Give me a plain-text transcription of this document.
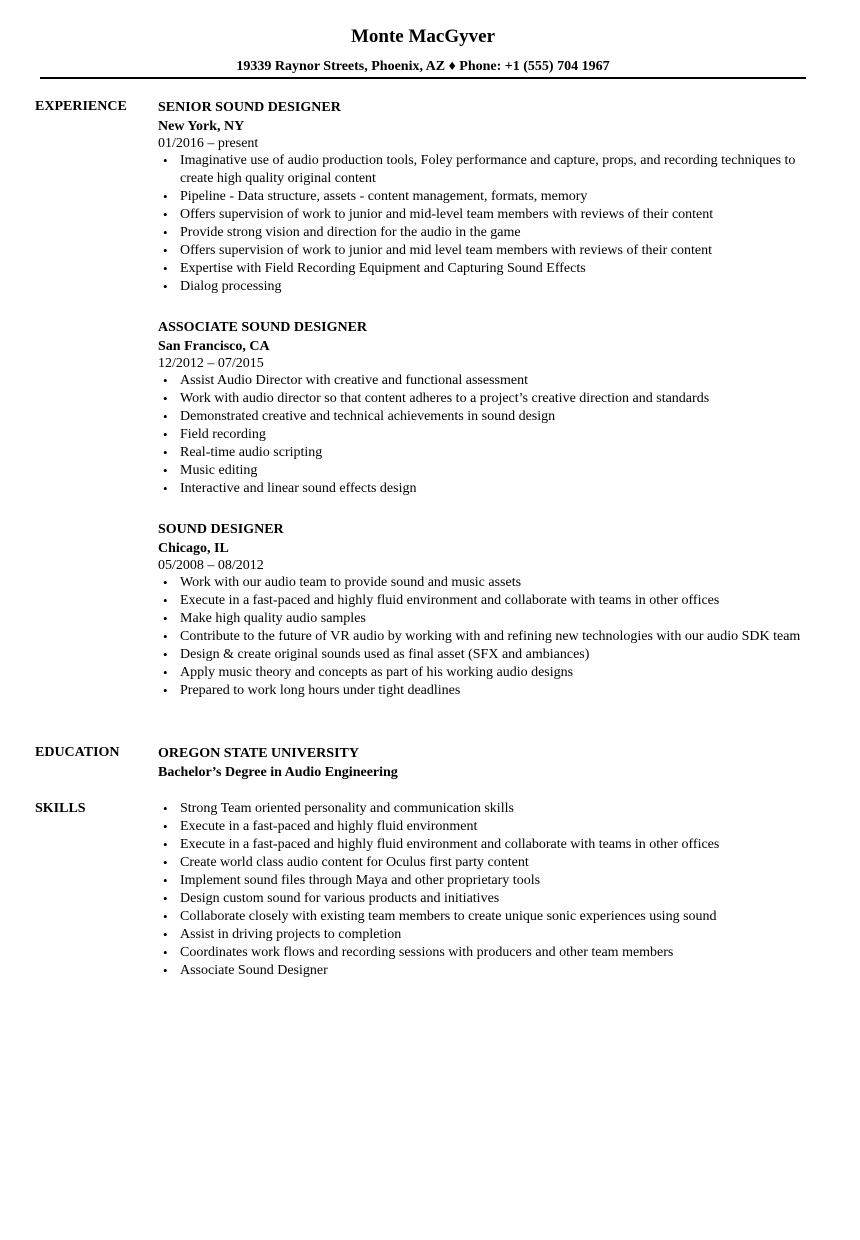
Monte MacGyver
19339 Raynor Streets, Phoenix, AZ ♦ Phone: +1 (555) 704 1967
EXPERIENCE SENIOR SOUND DESIGNER
New York, NY
01/2016 – present
• Imaginative use of audio production tools, Foley performance and capture, props, and recording techniques to create high quality original content
• Pipeline - Data structure, assets - content management, formats, memory
• Offers supervision of work to junior and mid-level team members with reviews of their content
• Provide strong vision and direction for the audio in the game
• Offers supervision of work to junior and mid level team members with reviews of their content
• Expertise with Field Recording Equipment and Capturing Sound Effects
• Dialog processing
ASSOCIATE SOUND DESIGNER
San Francisco, CA
12/2012 – 07/2015
• Assist Audio Director with creative and functional assessment
• Work with audio director so that content adheres to a project’s creative direction and standards
• Demonstrated creative and technical achievements in sound design
• Field recording
• Real-time audio scripting
• Music editing
• Interactive and linear sound effects design
SOUND DESIGNER
Chicago, IL
05/2008 – 08/2012
• Work with our audio team to provide sound and music assets
• Execute in a fast-paced and highly fluid environment and collaborate with teams in other offices
• Make high quality audio samples
• Contribute to the future of VR audio by working with and refining new technologies with our audio SDK team
• Design & create original sounds used as final asset (SFX and ambiances)
• Apply music theory and concepts as part of his working audio designs
• Prepared to work long hours under tight deadlines
EDUCATION	OREGON STATE UNIVERSITY
Bachelor’s Degree in Audio Engineering
SKILLS
•	Strong Team oriented personality and communication skills
• Execute in a fast-paced and highly fluid environment
• Execute in a fast-paced and highly fluid environment and collaborate with teams in other offices
• Create world class audio content for Oculus first party content
• Implement sound files through Maya and other proprietary tools
• Design custom sound for various products and initiatives
• Collaborate closely with existing team members to create unique sonic experiences using sound
• Assist in driving projects to completion
• Coordinates work flows and recording sessions with producers and other team members
• Associate Sound Designer
